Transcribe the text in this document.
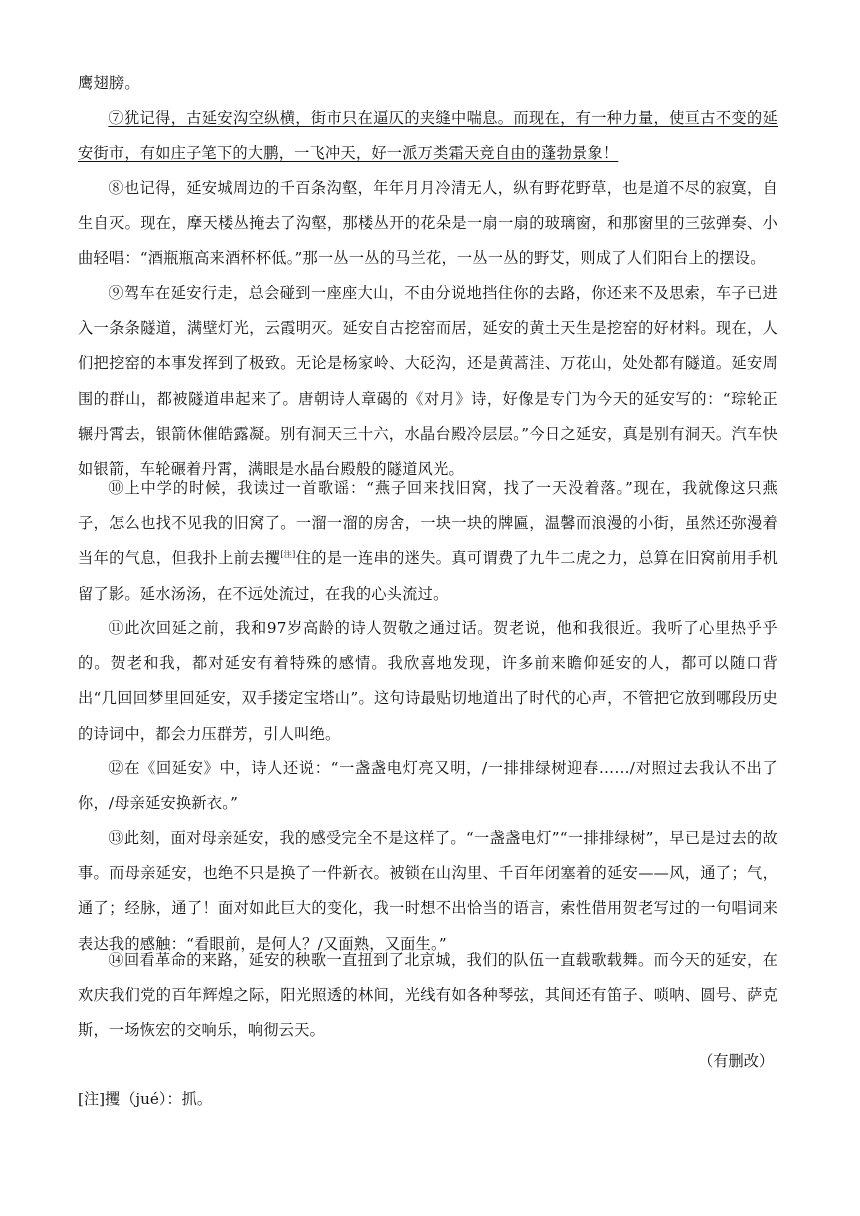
鹰翅膀。

⑦犹记得，古延安沟空纵横，街市只在逼仄的夹缝中喘息。而现在，有一种力量，使亘古不变的延安街市，有如庄子笔下的大鹏，一飞冲天，好一派万类霜天竞自由的蓬勃景象！

⑧也记得，延安城周边的千百条沟壑，年年月月冷清无人，纵有野花野草，也是道不尽的寂寞，自生自灭。现在，摩天楼丛掩去了沟壑，那楼丛开的花朵是一扇一扇的玻璃窗，和那窗里的三弦弹奏、小曲轻唱：“酒瓶瓶高来酒杯杯低。”那一丛一丛的马兰花，一丛一丛的野艾，则成了人们阳台上的摆设。

⑨驾车在延安行走，总会碰到一座座大山，不由分说地挡住你的去路，你还来不及思索，车子已进入一条条隧道，满壁灯光，云霞明灭。延安自古挖窑而居，延安的黄土天生是挖窑的好材料。现在，人们把挖窑的本事发挥到了极致。无论是杨家岭、大砭沟，还是黄蒿洼、万花山，处处都有隧道。延安周围的群山，都被隧道串起来了。唐朝诗人章碣的《对月》诗，好像是专门为今天的延安写的：“琮轮正辗丹霄去，银箭休催皓露凝。别有洞天三十六，水晶台殿冷层层。”今日之延安，真是别有洞天。汽车快如银箭，车轮碾着丹霄，满眼是水晶台殿般的隧道风光。

⑩上中学的时候，我读过一首歌谣：“燕子回来找旧窝，找了一天没着落。”现在，我就像这只燕子，怎么也找不见我的旧窝了。一溜一溜的房舍，一块一块的牌匾，温馨而浪漫的小街，虽然还弥漫着当年的气息，但我扑上前去攫[注]住的是一连串的迷失。真可谓费了九牛二虎之力，总算在旧窝前用手机留了影。延水汤汤，在不远处流过，在我的心头流过。

⑪此次回延之前，我和97岁高龄的诗人贺敬之通过话。贺老说，他和我很近。我听了心里热乎乎的。贺老和我，都对延安有着特殊的感情。我欣喜地发现，许多前来瞻仰延安的人，都可以随口背出“几回回梦里回延安，双手搂定宝塔山”。这句诗最贴切地道出了时代的心声，不管把它放到哪段历史的诗词中，都会力压群芳，引人叫绝。

⑫在《回延安》中，诗人还说：“一盏盏电灯亮又明，/一排排绿树迎春……/对照过去我认不出了你，/母亲延安换新衣。”

⑬此刻，面对母亲延安，我的感受完全不是这样了。“一盏盏电灯”“一排排绿树”，早已是过去的故事。而母亲延安，也绝不只是换了一件新衣。被锁在山沟里、千百年闭塞着的延安——风，通了；气，通了；经脉，通了！面对如此巨大的变化，我一时想不出恰当的语言，索性借用贺老写过的一句唱词来表达我的感触：“看眼前，是何人？/又面熟，又面生。”

⑭回看革命的来路，延安的秧歌一直扭到了北京城，我们的队伍一直载歌载舞。而今天的延安，在欢庆我们党的百年辉煌之际，阳光照透的林间，光线有如各种琴弦，其间还有笛子、唢呐、圆号、萨克斯，一场恢宏的交响乐，响彻云天。

（有删改）
[注]攫（jué）：抓。
